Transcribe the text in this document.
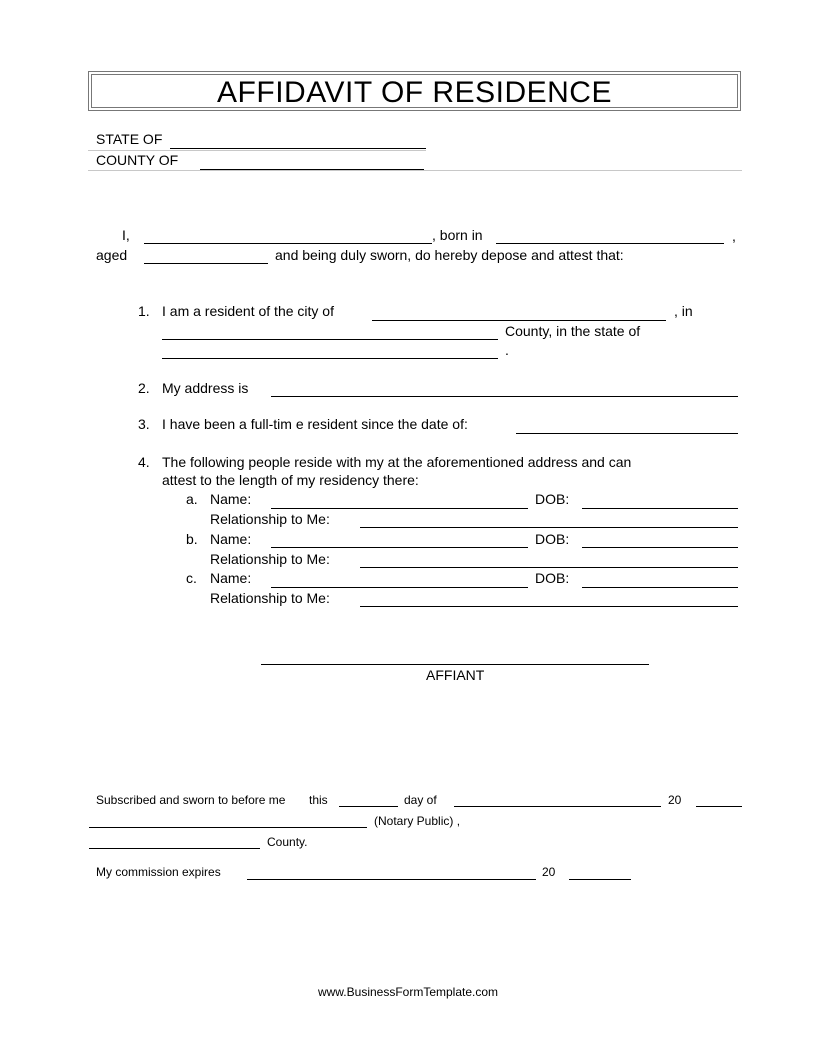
AFFIDAVIT OF RESIDENCE
STATE OF
COUNTY OF
I,	, born in	,
aged	and being duly sworn, do hereby depose and attest that:
1. I am a resident of the city of	, in
County, in the state of
.
2. My address is
3. I have been a full-tim e resident since the date of:
4. The following people reside with my at the aforementioned address and can
attest to the length of my residency there:
a. Name:	DOB:
Relationship to Me:
b. Name:	DOB:
Relationship to Me:
c. Name:	DOB:
Relationship to Me:
AFFIANT
Subscribed and sworn to before me this	day of	20
(Notary Public) ,
County.
My commission expires	20
www.BusinessFormTemplate.com
